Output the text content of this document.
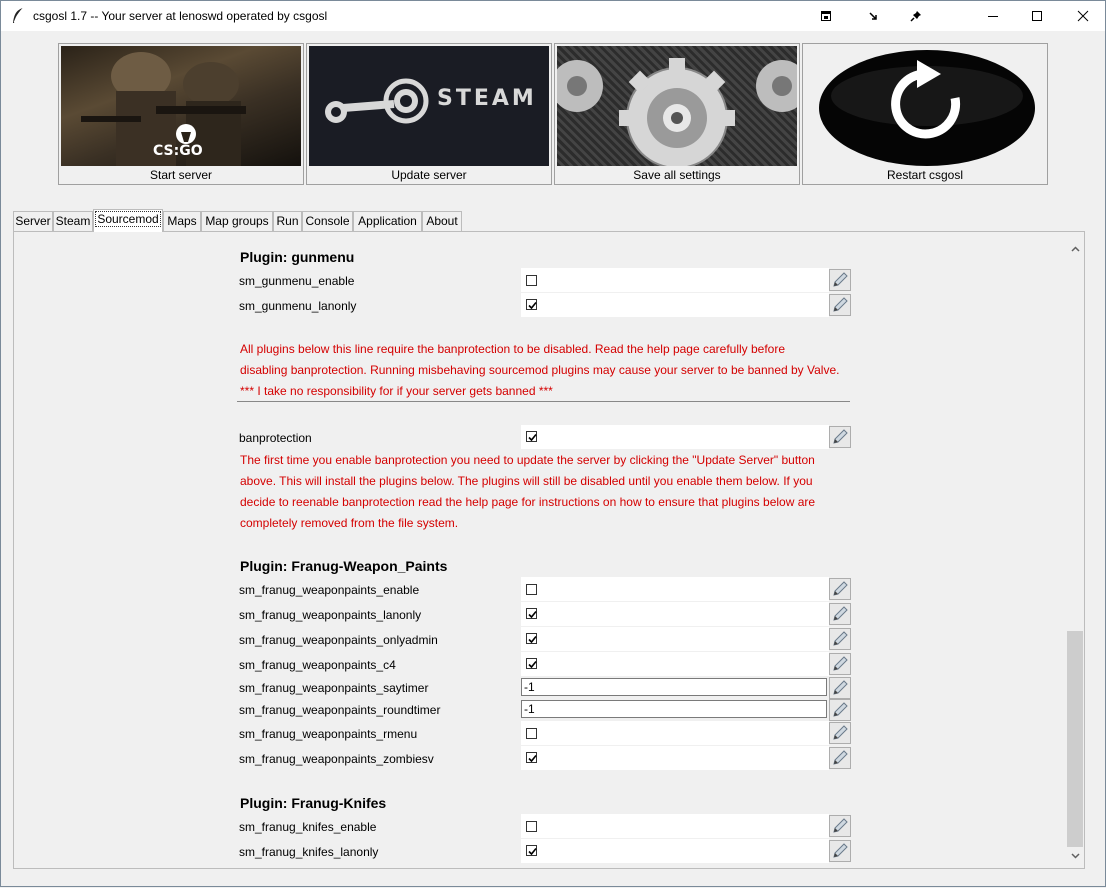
csgosl 1.7 -- Your server at lenoswd operated by csgosl
CS:GO
Start server
STEAM
Update server	Save all settings	Restart csgosl
Server Steam Sourcemod Maps Map groups Run Console Application About
Plugin: gunmenu
sm_gunmenu_enable
sm_gunmenu_lanonly
All plugins below this line require the banprotection to be disabled. Read the help page carefully before
disabling banprotection. Running misbehaving sourcemod plugins may cause your server to be banned by Valve.
*** I take no responsibility for if your server gets banned ***
banprotection
The first time you enable banprotection you need to update the server by clicking the "Update Server" button
above. This will install the plugins below. The plugins will still be disabled until you enable them below. If you
decide to reenable banprotection read the help page for instructions on how to ensure that plugins below are
completely removed from the file system.
Plugin: Franug-Weapon_Paints
sm_franug_weaponpaints_enable
sm_franug_weaponpaints_lanonly
sm_franug_weaponpaints_onlyadmin
sm_franug_weaponpaints_c4
sm_franug_weaponpaints_saytimer	-1
sm_franug_weaponpaints_roundtimer	-1
sm_franug_weaponpaints_rmenu
sm_franug_weaponpaints_zombiesv
Plugin: Franug-Knifes
sm_franug_knifes_enable
sm_franug_knifes_lanonly
